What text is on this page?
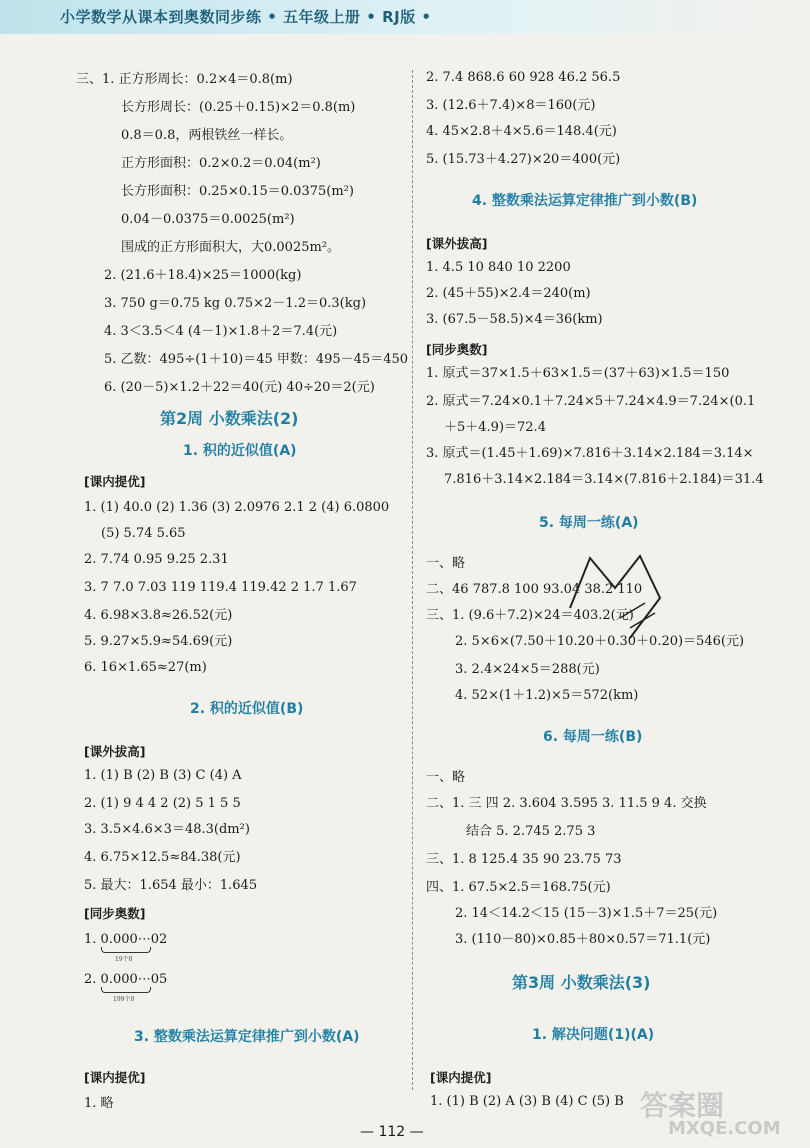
小学数学从课本到奥数同步练 • 五年级上册 • RJ版 •
三、1. 正方形周长：0.2×4＝0.8(m)
长方形周长：(0.25＋0.15)×2＝0.8(m)
0.8＝0.8，两根铁丝一样长。
正方形面积：0.2×0.2＝0.04(m²)
长方形面积：0.25×0.15＝0.0375(m²)
0.04－0.0375＝0.0025(m²)
围成的正方形面积大，大0.0025m²。
2. (21.6＋18.4)×25＝1000(kg)
3. 750 g＝0.75 kg 0.75×2－1.2＝0.3(kg)
4. 3＜3.5＜4 (4－1)×1.8＋2＝7.4(元)
5. 乙数：495÷(1＋10)＝45 甲数：495－45＝450
6. (20－5)×1.2＋22＝40(元) 40÷20＝2(元)
第2周 小数乘法(2)
1. 积的近似值(A)
[课内提优]
1. (1) 40.0 (2) 1.36 (3) 2.0976 2.1 2 (4) 6.0800
(5) 5.74 5.65
2. 7.74 0.95 9.25 2.31
3. 7 7.0 7.03 119 119.4 119.42 2 1.7 1.67
4. 6.98×3.8≈26.52(元)
5. 9.27×5.9≈54.69(元)
6. 16×1.65≈27(m)
2. 积的近似值(B)
[课外拔高]
1. (1) B (2) B (3) C (4) A
2. (1) 9 4 4 2 (2) 5 1 5 5
3. 3.5×4.6×3＝48.3(dm²)
4. 6.75×12.5≈84.38(元)
5. 最大：1.654 最小：1.645
[同步奥数]
1. 0.000⋯02
19个0
2. 0.000⋯05
199个0
3. 整数乘法运算定律推广到小数(A)
[课内提优]
1. 略
2. 7.4 868.6 60 928 46.2 56.5
3. (12.6＋7.4)×8＝160(元)
4. 45×2.8＋4×5.6＝148.4(元)
5. (15.73＋4.27)×20＝400(元)
4. 整数乘法运算定律推广到小数(B)
[课外拔高]
1. 4.5 10 840 10 2200
2. (45＋55)×2.4＝240(m)
3. (67.5－58.5)×4＝36(km)
[同步奥数]
1. 原式＝37×1.5＋63×1.5＝(37＋63)×1.5＝150
2. 原式＝7.24×0.1＋7.24×5＋7.24×4.9＝7.24×(0.1
＋5＋4.9)＝72.4
3. 原式＝(1.45＋1.69)×7.816＋3.14×2.184＝3.14×
7.816＋3.14×2.184＝3.14×(7.816＋2.184)＝31.4
5. 每周一练(A)
一、略
二、46 787.8 100 93.04 38.2 110
三、1. (9.6＋7.2)×24＝403.2(元)
2. 5×6×(7.50＋10.20＋0.30＋0.20)＝546(元)
3. 2.4×24×5＝288(元)
4. 52×(1＋1.2)×5＝572(km)
6. 每周一练(B)
一、略
二、1. 三 四 2. 3.604 3.595 3. 11.5 9 4. 交换
结合 5. 2.745 2.75 3
三、1. 8 125.4 35 90 23.75 73
四、1. 67.5×2.5＝168.75(元)
2. 14＜14.2＜15 (15－3)×1.5＋7＝25(元)
3. (110－80)×0.85＋80×0.57＝71.1(元)
第3周 小数乘法(3)
1. 解决问题(1)(A)
[课内提优]
1. (1) B (2) A (3) B (4) C (5) B
— 112 —
答案圈
MXQE.COM
